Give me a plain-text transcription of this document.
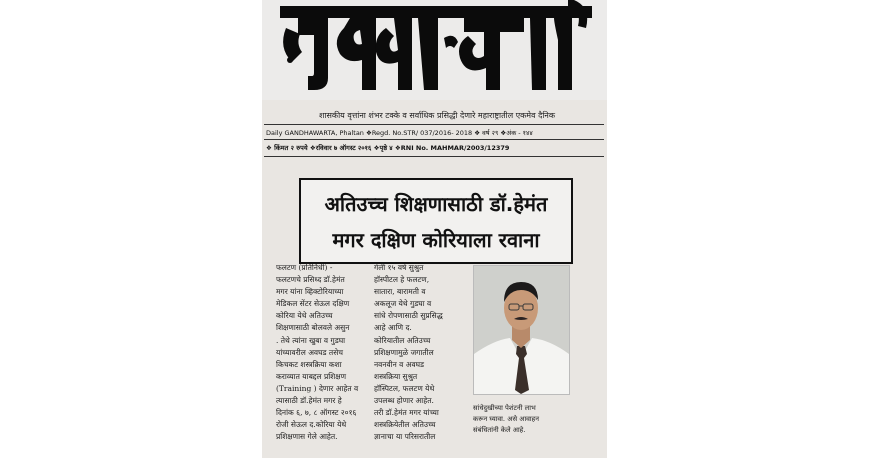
शासकीय वृत्तांना शंभर टक्के व सर्वाधिक प्रसिद्धी देणारे महाराष्ट्रातील एकमेव दैनिक
Daily GANDHAWARTA, Phaltan ❖Regd. No.STR/ 037/2016- 2018 ❖ वर्ष २९ ❖अंक - १४४
❖ किंमत २ रुपये ❖रविवार ७ ऑगस्ट २०१६ ❖पृष्ठे ४ ❖RNI No. MAHMAR/2003/12379
अतिउच्च शिक्षणासाठी डॉ.हेमंत
मगर दक्षिण कोरियाला रवाना
फलटण (प्रतिनिधी) -
फलटणचे प्रसिध्द डॉ.हेमंत
मगर यांना व्हिक्टोरियाच्या
मेडिकल सेंटर सेऊल दक्षिण
कोरिया येथे अतिउच्च
शिक्षणासाठी बोलवले असुन
. तेथे त्यांना खुबा व गुडघा
यांच्यावरील अवघड तसेच
किचकट शस्त्रक्रिया कशा
कराव्यात याबद्दल प्रशिक्षण
(Training ) देणार आहेत व
त्यासाठी डॉ.हेमंत मगर हे
दिनांक ६, ७, ८ ऑगस्ट २०१६
रोजी सेऊल द.कोरिया येथे
प्रशिक्षणास गेले आहेत.
गेली १५ वर्ष सुश्रुत
हॉस्पीटल हे फलटण,
सातारा, बारामती व
अकलूज येथे गुडघा व
सांधे रोपणासाठी सुप्रसिद्ध
आहे आणि द.
कोरियातील अतिउच्च
प्रशिक्षणामुळे जगातील
नवनवीन व अवघड
शस्त्रक्रिया सुश्रुत
हॉस्पिटल, फलटण येथे
उपलब्ध होणार आहेत.
तरी डॉ.हेमंत मगर यांच्या
शस्त्रक्रियेतील अतिउच्च
ज्ञानाचा या परिसरातील
सांधेदुखीच्या पेशंटनी लाभ
करून घ्यावा. असे आवाहन
संबंधितांनी केले आहे.
